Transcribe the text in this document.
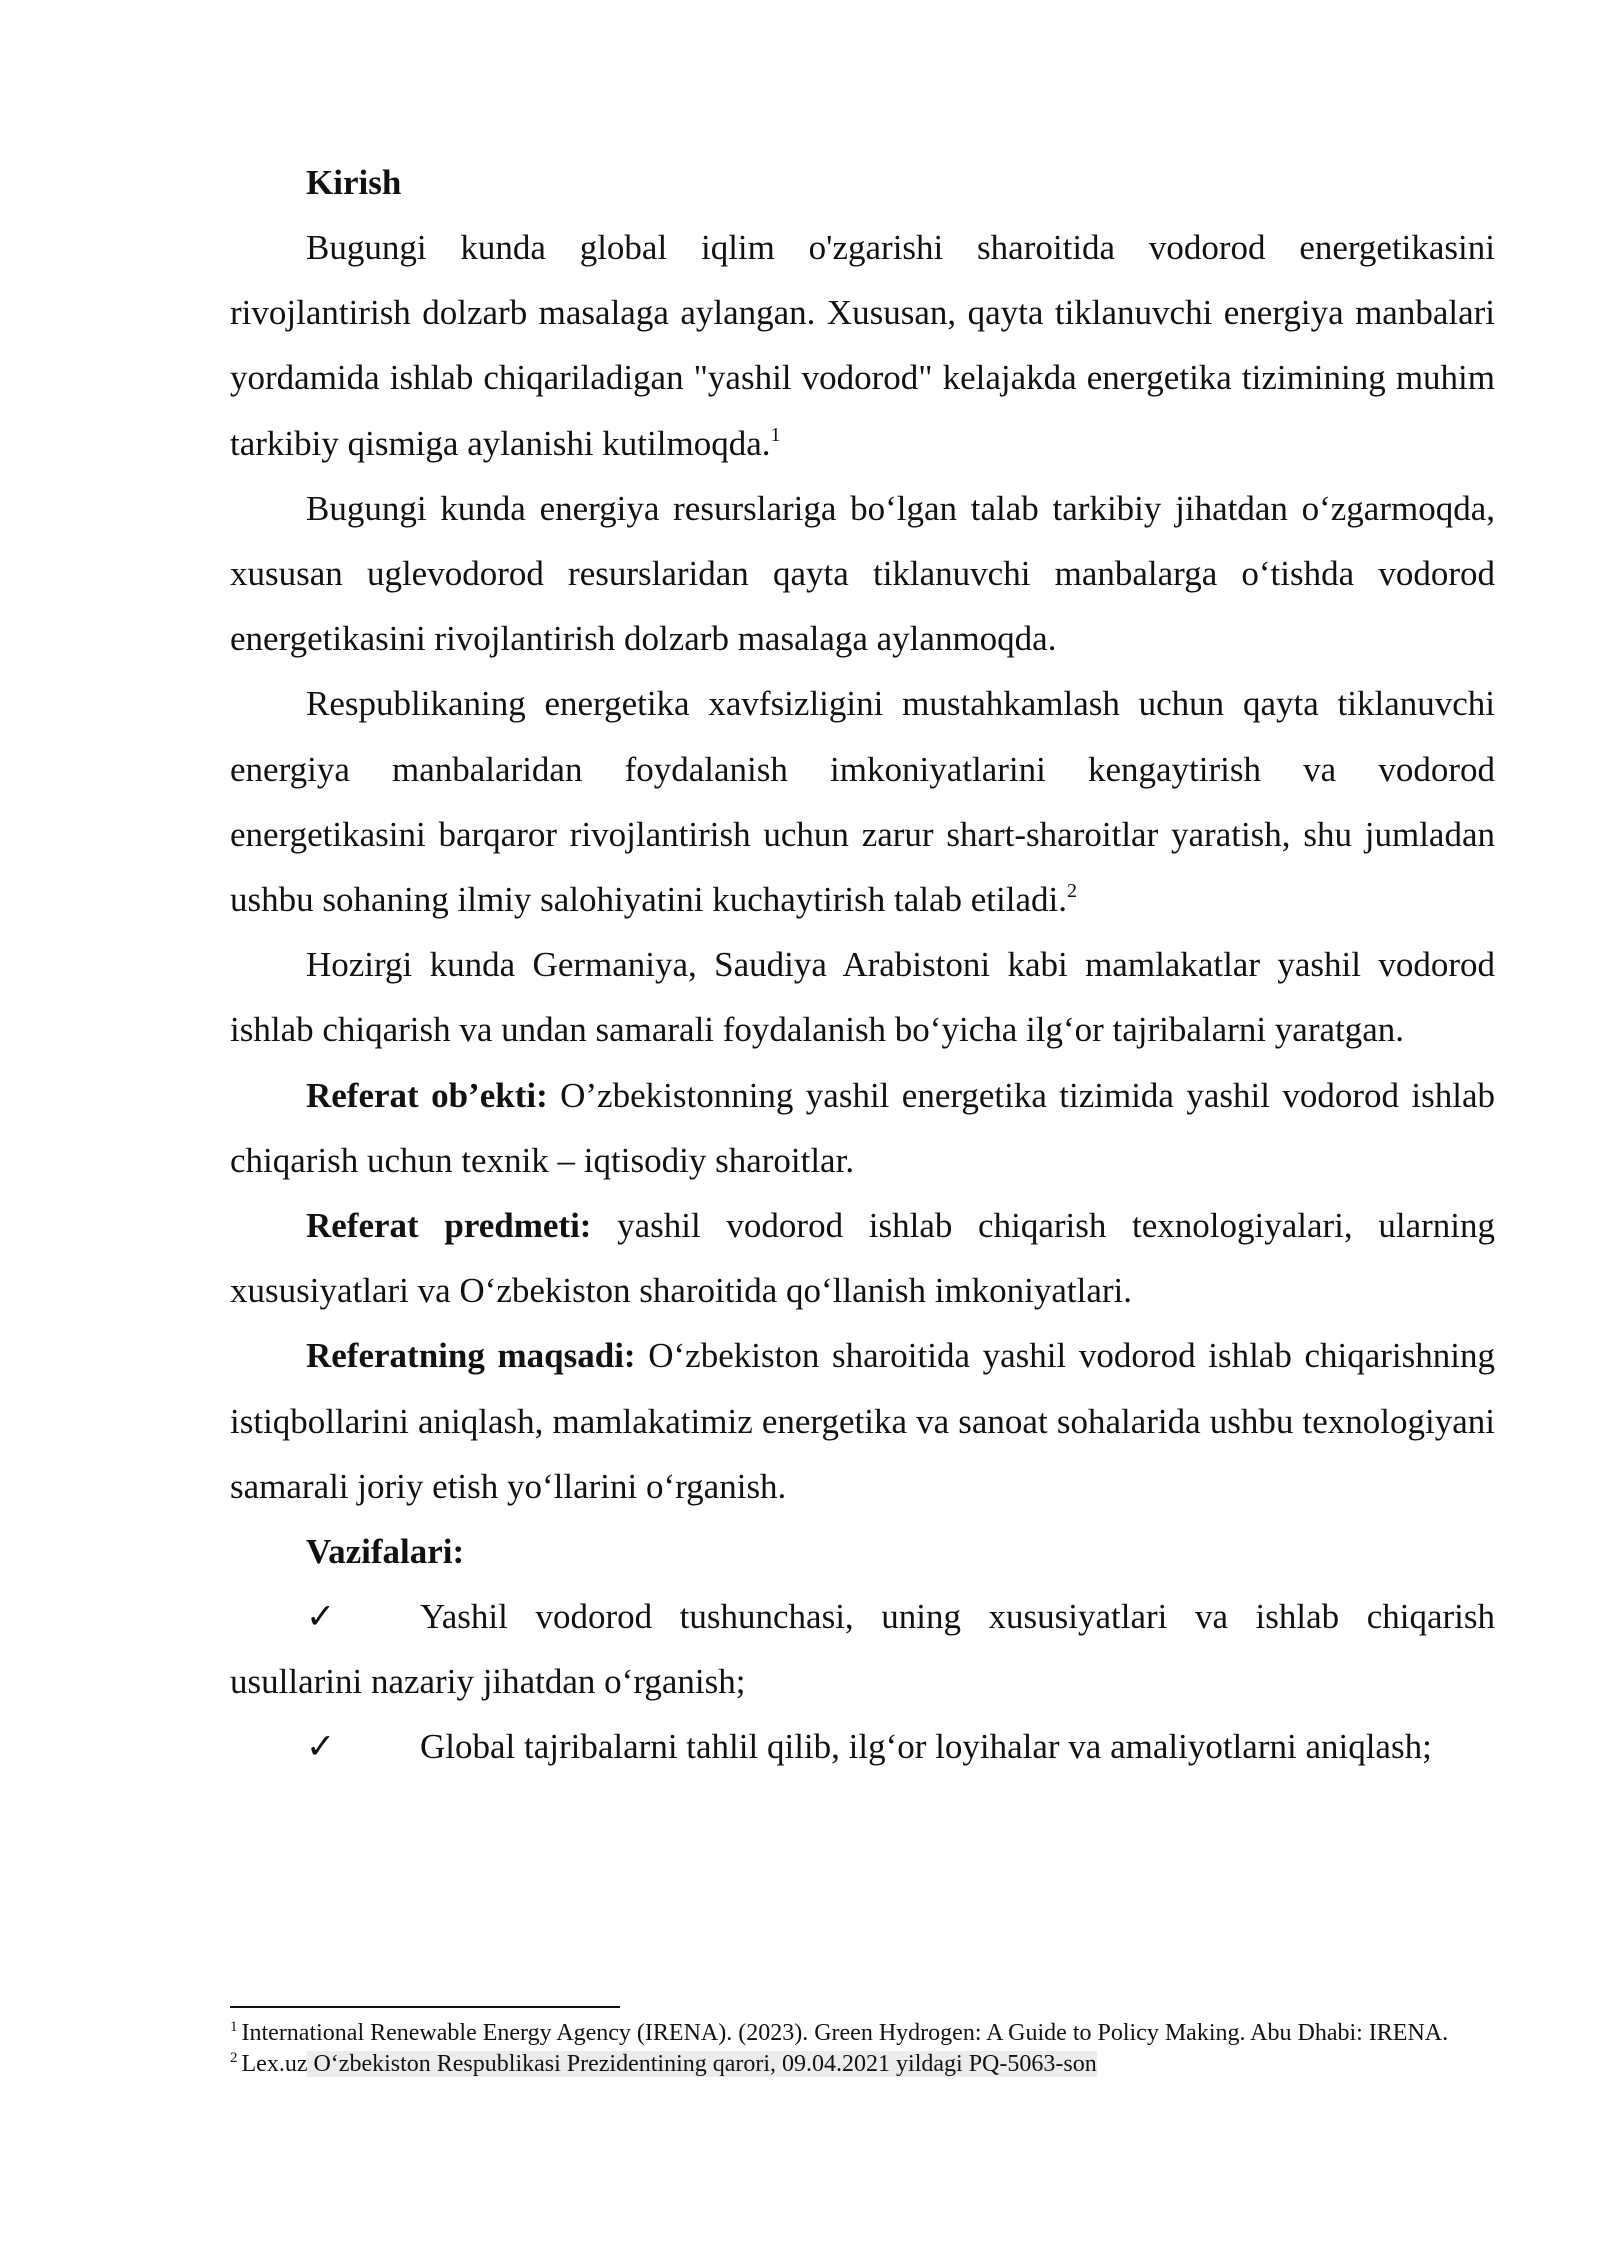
Kirish

Bugungi kunda global iqlim o'zgarishi sharoitida vodorod energetikasini rivojlantirish dolzarb masalaga aylangan. Xususan, qayta tiklanuvchi energiya manbalari yordamida ishlab chiqariladigan "yashil vodorod" kelajakda energetika tizimining muhim tarkibiy qismiga aylanishi kutilmoqda.$^1$

Bugungi kunda energiya resurslariga bo‘lgan talab tarkibiy jihatdan o‘zgarmoqda, xususan uglevodorod resurslaridan qayta tiklanuvchi manbalarga o‘tishda vodorod energetikasini rivojlantirish dolzarb masalaga aylanmoqda.

Respublikaning energetika xavfsizligini mustahkamlash uchun qayta tiklanuvchi energiya manbalaridan foydalanish imkoniyatlarini kengaytirish va vodorod energetikasini barqaror rivojlantirish uchun zarur shart-sharoitlar yaratish, shu jumladan ushbu sohaning ilmiy salohiyatini kuchaytirish talab etiladi.$^2$

Hozirgi kunda Germaniya, Saudiya Arabistoni kabi mamlakatlar yashil vodorod ishlab chiqarish va undan samarali foydalanish bo‘yicha ilg‘or tajribalarni yaratgan.

Referat ob’ekti: O’zbekistonning yashil energetika tizimida yashil vodorod ishlab chiqarish uchun texnik – iqtisodiy sharoitlar.

Referat predmeti: yashil vodorod ishlab chiqarish texnologiyalari, ularning xususiyatlari va O‘zbekiston sharoitida qo‘llanish imkoniyatlari.

Referatning maqsadi: O‘zbekiston sharoitida yashil vodorod ishlab chiqarishning istiqbollarini aniqlash, mamlakatimiz energetika va sanoat sohalarida ushbu texnologiyani samarali joriy etish yo‘llarini o‘rganish.

Vazifalari:

✓ Yashil vodorod tushunchasi, uning xususiyatlari va ishlab chiqarish usullarini nazariy jihatdan o‘rganish;

✓ Global tajribalarni tahlil qilib, ilg‘or loyihalar va amaliyotlarni aniqlash;

$^1$ International Renewable Energy Agency (IRENA). (2023). Green Hydrogen: A Guide to Policy Making. Abu Dhabi: IRENA.

$^2$ Lex.uz O‘zbekiston Respublikasi Prezidentining qarori, 09.04.2021 yildagi PQ-5063-son
